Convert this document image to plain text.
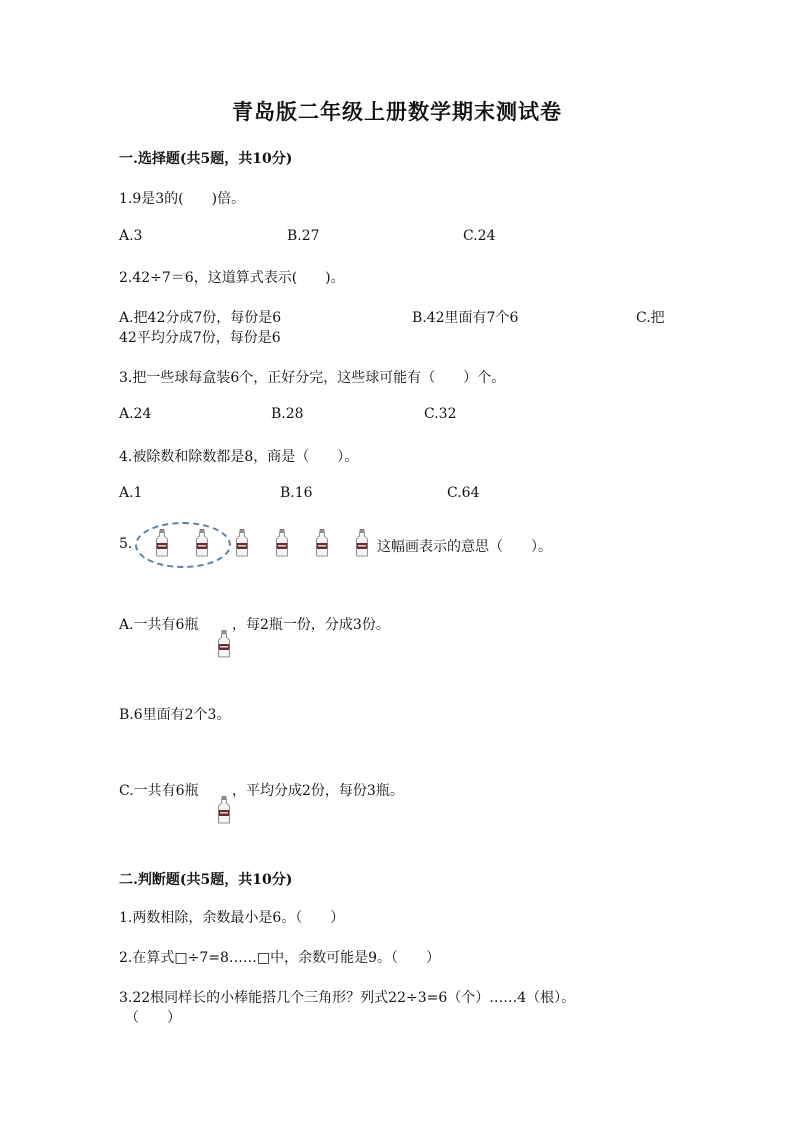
青岛版二年级上册数学期末测试卷
一.选择题(共5题，共10分)
1.9是3的(　　)倍。
A.3	B.27	C.24
2.42÷7＝6，这道算式表示(　　)。
A.把42分成7份，每份是6	B.42里面有7个6	C.把
42平均分成7份，每份是6
3.把一些球每盒装6个，正好分完，这些球可能有（　　）个。
A.24	B.28	C.32
4.被除数和除数都是8，商是（　　）。
A.1	B.16	C.64
5.	这幅画表示的意思（　　）。
A.一共有6瓶 ，每2瓶一份，分成3份。
B.6里面有2个3。
C.一共有6瓶 ，平均分成2份，每份3瓶。
二.判断题(共5题，共10分)
1.两数相除，余数最小是6。（　　）
2.在算式□÷7=8……□中，余数可能是9。（　　）
3.22根同样长的小棒能搭几个三角形？列式22÷3=6（个）……4（根）。
（　　）
